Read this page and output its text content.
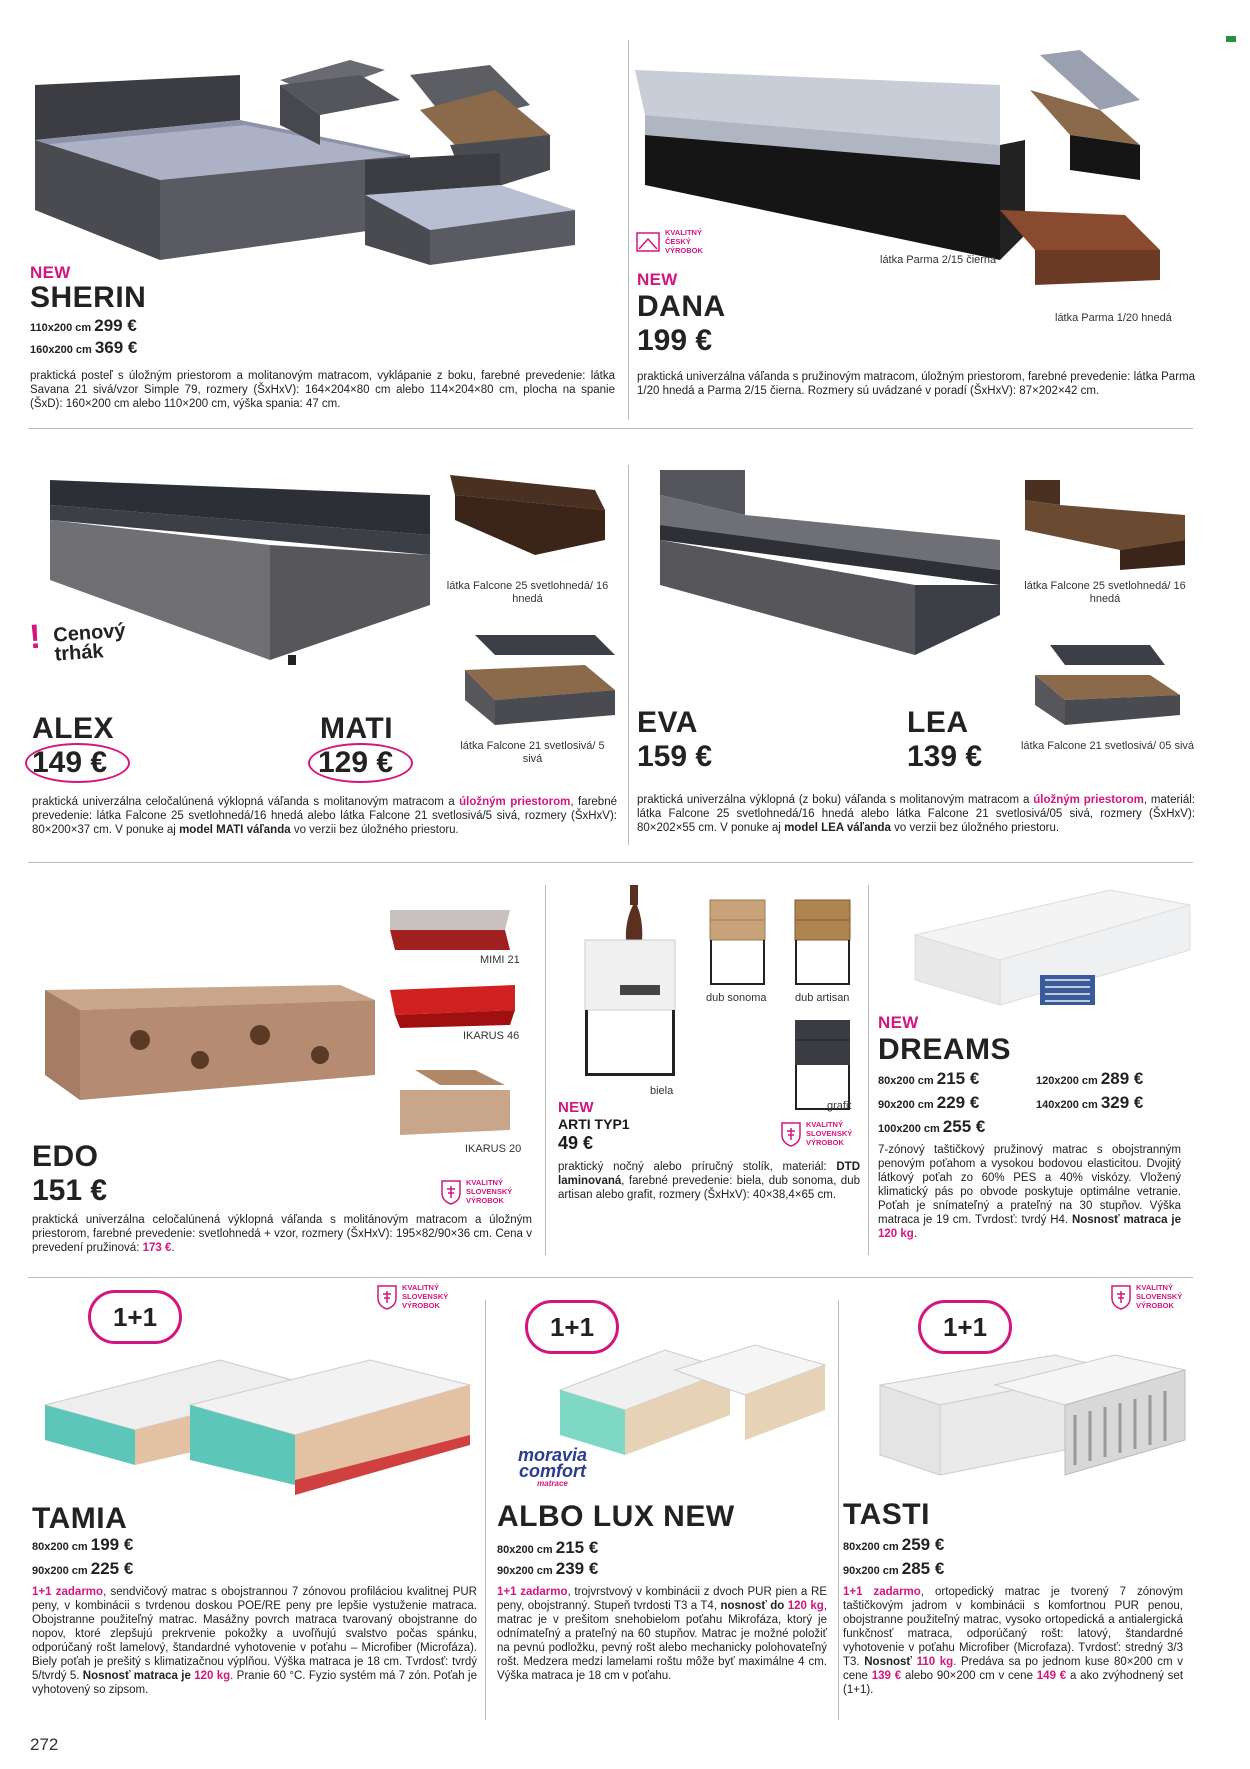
NEW
SHERIN
110x200 cm 299 €
160x200 cm 369 €
praktická posteľ s úložným priestorom a molitanovým matracom, vyklápanie z boku, farebné prevedenie: látka Savana 21 sivá/vzor Simple 79, rozmery (ŠxHxV): 164×204×80 cm alebo 114×204×80 cm, plocha na spanie (ŠxD): 160×200 cm alebo 110×200 cm, výška spania: 47 cm.
KVALITNÝ
ČESKÝ
VÝROBOK
látka Parma 2/15 čierna
látka Parma 1/20 hnedá
NEW
DANA
199 €
praktická univerzálna váľanda s pružinovým matracom, úložným priestorom, farebné prevedenie: látka Parma 1/20 hnedá a Parma 2/15 čierna. Rozmery sú uvádzané v poradí (ŠxHxV): 87×202×42 cm.
látka Falcone 25 svetlohnedá/ 16 hnedá
látka Falcone 21 svetlosivá/ 5 sivá
! Cenový
trhák
ALEX
149 €
MATI
129 €
praktická univerzálna celočalúnená výklopná váľanda s molitanovým matracom a úložným priestorom, farebné prevedenie: látka Falcone 25 svetlohnedá/16 hnedá alebo látka Falcone 21 svetlosivá/5 sivá, rozmery (ŠxHxV): 80×200×37 cm. V ponuke aj model MATI váľanda vo verzii bez úložného priestoru.
látka Falcone 25 svetlohnedá/ 16 hnedá
látka Falcone 21 svetlosivá/ 05 sivá
EVA
159 €
LEA
139 €
praktická univerzálna výklopná (z boku) váľanda s molitanovým matracom a úložným priestorom, materiál: látka Falcone 25 svetlohnedá/16 hnedá alebo látka Falcone 21 svetlosivá/05 sivá, rozmery (ŠxHxV): 80×202×55 cm. V ponuke aj model LEA váľanda vo verzii bez úložného priestoru.
MIMI 21
IKARUS 46
IKARUS 20
EDO
151 €	KVALITNÝ
SLOVENSKÝ
VÝROBOK
praktická univerzálna celočalúnená výklopná váľanda s molitánovým matracom a úložným priestorom, farebné prevedenie: svetlohnedá + vzor, rozmery (ŠxHxV): 195×82/90×36 cm. Cena v prevedení pružinová: 173 €.
dub sonoma	dub artisan
biela
grafit
NEW
ARTI TYP1
49 €
KVALITNÝ
SLOVENSKÝ
VÝROBOK
praktický nočný alebo príručný stolík, materiál: DTD laminovaná, farebné prevedenie: biela, dub sonoma, dub artisan alebo grafit, rozmery (ŠxHxV): 40×38,4×65 cm.
NEW
DREAMS
80x200 cm 215 €	120x200 cm 289 €
90x200 cm 229 €	140x200 cm 329 €
100x200 cm 255 €
7-zónový taštičkový pružinový matrac s obojstranným penovým poťahom a vysokou bodovou elasticitou. Dvojitý látkový poťah zo 60% PES a 40% viskózy. Vložený klimatický pás po obvode poskytuje optimálne vetranie. Poťah je snímateľný a prateľný na 30 stupňov. Výška matraca je 19 cm. Tvrdosť: tvrdý H4. Nosnosť matraca je 120 kg.
1+1
KVALITNÝ
SLOVENSKÝ
VÝROBOK
TAMIA
80x200 cm 199 €
90x200 cm 225 €
1+1 zadarmo, sendvičový matrac s obojstrannou 7 zónovou profiláciou kvalitnej PUR peny, v kombinácii s tvrdenou doskou POE/RE peny pre lepšie vystuženie matraca. Obojstranne použiteľný matrac. Masážny povrch matraca tvarovaný obojstranne do nopov, ktoré zlepšujú prekrvenie pokožky a uvoľňujú svalstvo počas spánku, odporúčaný rošt lamelový, štandardné vyhotovenie v poťahu – Microfiber (Microfáza). Biely poťah je prešitý s klimatizačnou výplňou. Výška matraca je 18 cm. Tvrdosť: tvrdý 5/tvrdý 5. Nosnosť matraca je 120 kg. Pranie 60 °C. Fyzio systém má 7 zón. Poťah je vyhotovený so zipsom.
1+1
moravia
comfort
matrace
ALBO LUX NEW
80x200 cm 215 €
90x200 cm 239 €
1+1 zadarmo, trojvrstvový v kombinácii z dvoch PUR pien a RE peny, obojstranný. Stupeň tvrdosti T3 a T4, nosnosť do 120 kg, matrac je v prešitom snehobielom poťahu Mikrofáza, ktorý je odnímateľný a prateľný na 60 stupňov. Matrac je možné položiť na pevnú podložku, pevný rošt alebo mechanicky polohovateľný rošt. Medzera medzi lamelami roštu môže byť maximálne 4 cm. Výška matraca je 18 cm v poťahu.
1+1
KVALITNÝ
SLOVENSKÝ
VÝROBOK
TASTI
80x200 cm 259 €
90x200 cm 285 €
1+1 zadarmo, ortopedický matrac je tvorený 7 zónovým taštičkovým jadrom v kombinácii s komfortnou PUR penou, obojstranne použiteľný matrac, vysoko ortopedická a antialergická funkčnosť matraca, odporúčaný rošt: latový, štandardné vyhotovenie v poťahu Microfiber (Microfaza). Tvrdosť: stredný 3/3 T3. Nosnosť 110 kg. Predáva sa po jednom kuse 80×200 cm v cene 139 € alebo 90×200 cm v cene 149 € a ako zvýhodnený set (1+1).
272
